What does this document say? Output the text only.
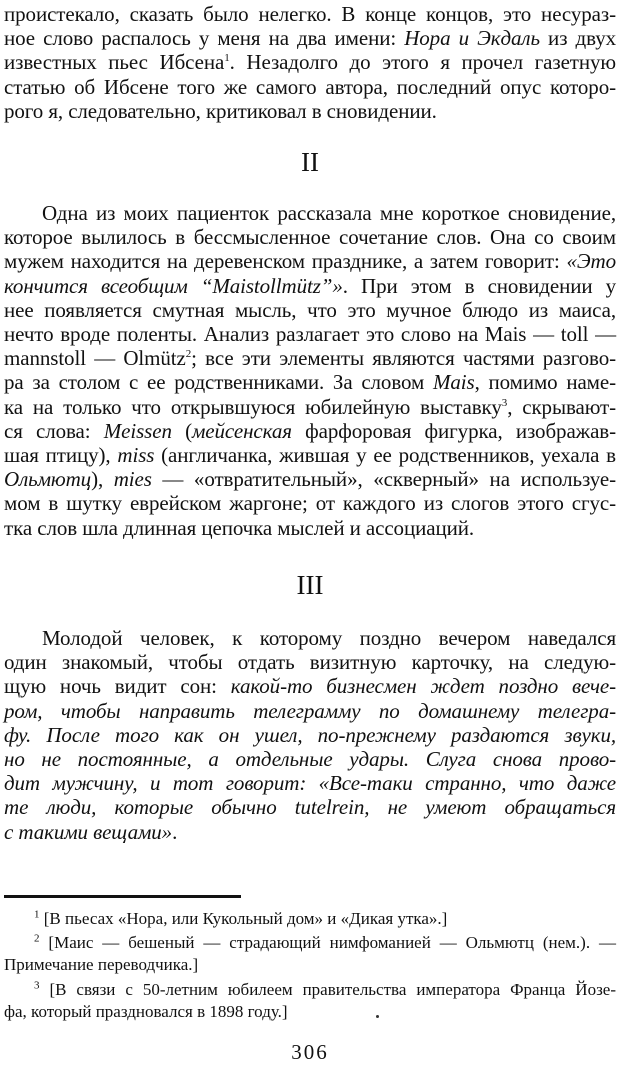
проистекало, сказать было нелегко. В конце концов, это несураз-
ное слово распалось у меня на два имени: Нора и Экдаль из двух
известных пьес Ибсена$^1$. Незадолго до этого я прочел газетную
статью об Ибсене того же самого автора, последний опус которо-
рого я, следовательно, критиковал в сновидении.
II
Одна из моих пациенток рассказала мне короткое сновидение,
которое вылилось в бессмысленное сочетание слов. Она со своим
мужем находится на деревенском празднике, а затем говорит: «Это
кончится всеобщим “Maistollmütz”». При этом в сновидении у
нее появляется смутная мысль, что это мучное блюдо из маиса,
нечто вроде поленты. Анализ разлагает это слово на Mais — toll —
mannstoll — Olmütz$^2$; все эти элементы являются частями разгово-
ра за столом с ее родственниками. За словом Mais, помимо наме-
ка на только что открывшуюся юбилейную выставку$^3$, скрывают-
ся слова: Meissen (мейсенская фарфоровая фигурка, изображав-
шая птицу), miss (англичанка, жившая у ее родственников, уехала в
Ольмютц), mies — «отвратительный», «скверный» на используе-
мом в шутку еврейском жаргоне; от каждого из слогов этого сгус-
тка слов шла длинная цепочка мыслей и ассоциаций.
III
Молодой человек, к которому поздно вечером наведался
один знакомый, чтобы отдать визитную карточку, на следую-
щую ночь видит сон: какой-то бизнесмен ждет поздно вече-
ром, чтобы направить телеграмму по домашнему телегра-
фу. После того как он ушел, по-прежнему раздаются звуки,
но не постоянные, а отдельные удары. Слуга снова прово-
дит мужчину, и тот говорит: «Все-таки странно, что даже
те люди, которые обычно tutelrein, не умеют обращаться
с такими вещами».
$^1$ [В пьесах «Нора, или Кукольный дом» и «Дикая утка».]
$^2$ [Маис — бешеный — страдающий нимфоманией — Ольмютц (нем.). —
Примечание переводчика.]
$^3$ [В связи с 50-летним юбилеем правительства императора Франца Йозе-
фа, который праздновался в 1898 году.]
306
